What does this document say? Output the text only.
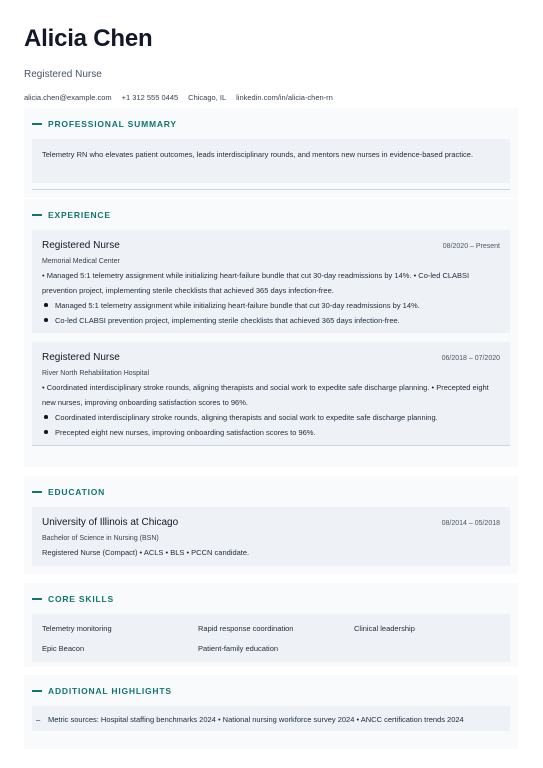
Alicia Chen
Registered Nurse
alicia.chen@example.com +1 312 555 0445 Chicago, IL linkedin.com/in/alicia-chen-rn
PROFESSIONAL SUMMARY
Telemetry RN who elevates patient outcomes, leads interdisciplinary rounds, and mentors new nurses in evidence-based practice.
EXPERIENCE
Registered Nurse	08/2020 – Present
Memorial Medical Center
• Managed 5:1 telemetry assignment while initializing heart-failure bundle that cut 30-day readmissions by 14%. • Co-led CLABSI prevention project, implementing sterile checklists that achieved 365 days infection-free.
Managed 5:1 telemetry assignment while initializing heart-failure bundle that cut 30-day readmissions by 14%.
Co-led CLABSI prevention project, implementing sterile checklists that achieved 365 days infection-free.
Registered Nurse	06/2018 – 07/2020
River North Rehabilitation Hospital
• Coordinated interdisciplinary stroke rounds, aligning therapists and social work to expedite safe discharge planning. • Precepted eight new nurses, improving onboarding satisfaction scores to 96%.
Coordinated interdisciplinary stroke rounds, aligning therapists and social work to expedite safe discharge planning.
Precepted eight new nurses, improving onboarding satisfaction scores to 96%.
EDUCATION
University of Illinois at Chicago	08/2014 – 05/2018
Bachelor of Science in Nursing (BSN)
Registered Nurse (Compact) • ACLS • BLS • PCCN candidate.
CORE SKILLS
Telemetry monitoring	Rapid response coordination	Clinical leadership
Epic Beacon	Patient-family education
ADDITIONAL HIGHLIGHTS
–	Metric sources: Hospital staffing benchmarks 2024 • National nursing workforce survey 2024 • ANCC certification trends 2024
